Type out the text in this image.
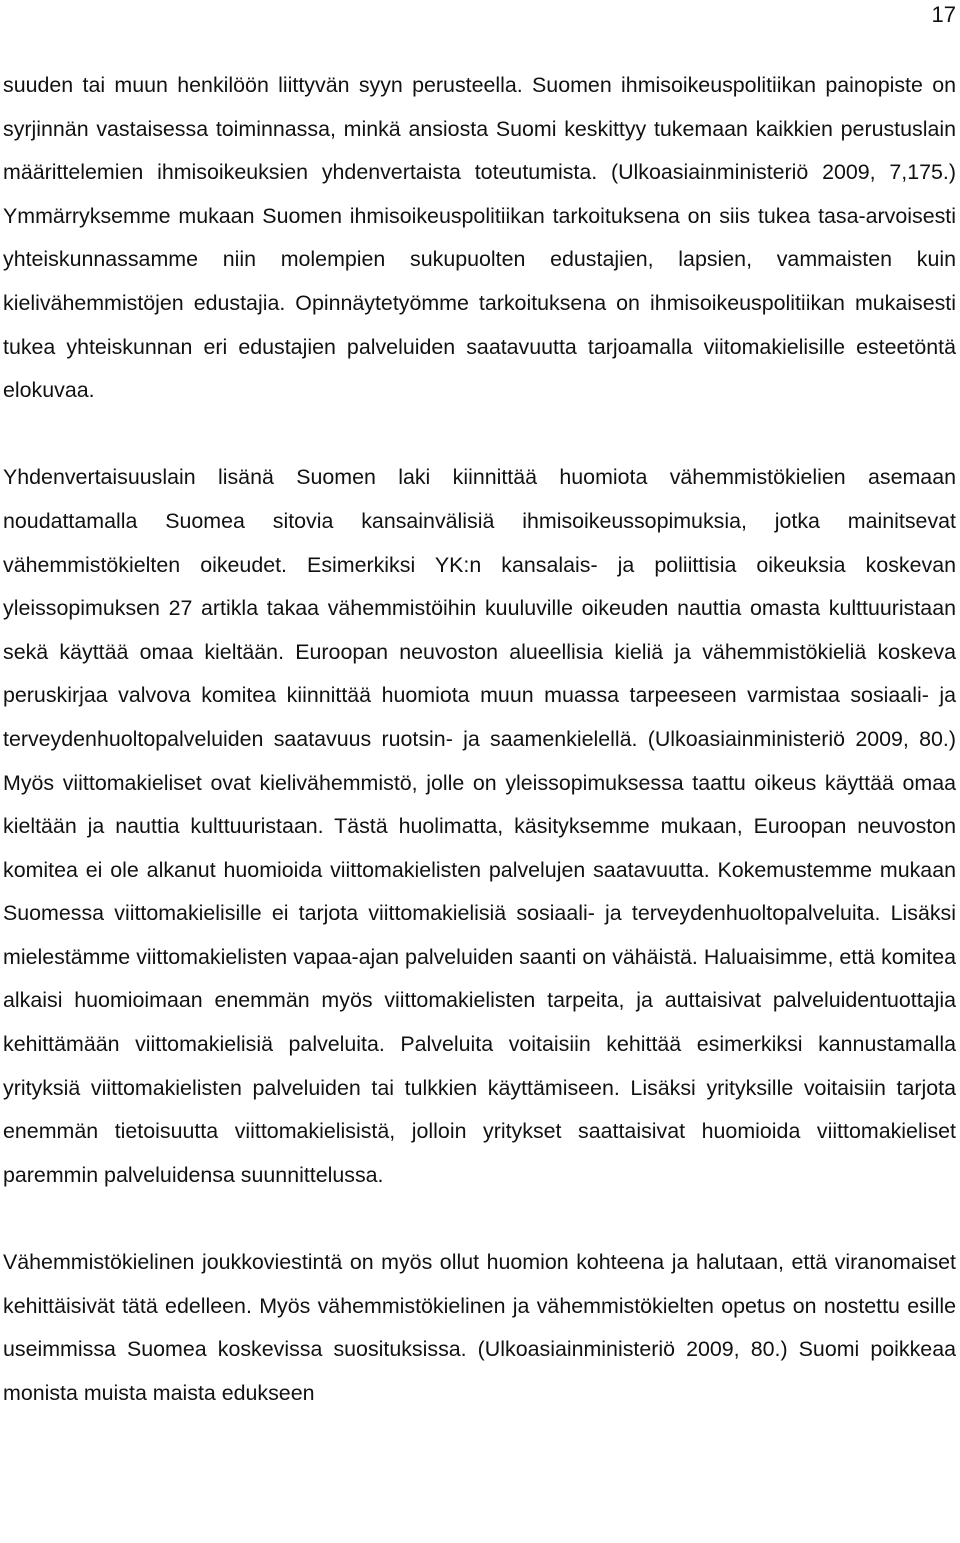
17

suuden tai muun henkilöön liittyvän syyn perusteella. Suomen ihmisoikeuspolitiikan painopiste on syrjinnän vastaisessa toiminnassa, minkä ansiosta Suomi keskittyy tukemaan kaikkien perustuslain määrittelemien ihmisoikeuksien yhdenvertaista toteutumista. (Ulkoasiainministeriö 2009, 7,175.) Ymmärryksemme mukaan Suomen ihmisoikeuspolitiikan tarkoituksena on siis tukea tasa-arvoisesti yhteiskunnassamme niin molempien sukupuolten edustajien, lapsien, vammaisten kuin kielivähemmistöjen edustajia. Opinnäytetyömme tarkoituksena on ihmisoikeuspolitiikan mukaisesti tukea yhteiskunnan eri edustajien palveluiden saatavuutta tarjoamalla viitomakielisille esteetöntä elokuvaa.

Yhdenvertaisuuslain lisänä Suomen laki kiinnittää huomiota vähemmistökielien asemaan noudattamalla Suomea sitovia kansainvälisiä ihmisoikeussopimuksia, jotka mainitsevat vähemmistökielten oikeudet. Esimerkiksi YK:n kansalais- ja poliittisia oikeuksia koskevan yleissopimuksen 27 artikla takaa vähemmistöihin kuuluville oikeuden nauttia omasta kulttuuristaan sekä käyttää omaa kieltään. Euroopan neuvoston alueellisia kieliä ja vähemmistökieliä koskeva peruskirjaa valvova komitea kiinnittää huomiota muun muassa tarpeeseen varmistaa sosiaali- ja terveydenhuoltopalveluiden saatavuus ruotsin- ja saamenkielellä. (Ulkoasiainministeriö 2009, 80.) Myös viittomakieliset ovat kielivähemmistö, jolle on yleissopimuksessa taattu oikeus käyttää omaa kieltään ja nauttia kulttuuristaan. Tästä huolimatta, käsityksemme mukaan, Euroopan neuvoston komitea ei ole alkanut huomioida viittomakielisten palvelujen saatavuutta. Kokemustemme mukaan Suomessa viittomakielisille ei tarjota viittomakielisiä sosiaali- ja terveydenhuoltopalveluita. Lisäksi mielestämme viittomakielisten vapaa-ajan palveluiden saanti on vähäistä. Haluaisimme, että komitea alkaisi huomioimaan enemmän myös viittomakielisten tarpeita, ja auttaisivat palveluidentuottajia kehittämään viittomakielisiä palveluita. Palveluita voitaisiin kehittää esimerkiksi kannustamalla yrityksiä viittomakielisten palveluiden tai tulkkien käyttämiseen. Lisäksi yrityksille voitaisiin tarjota enemmän tietoisuutta viittomakielisistä, jolloin yritykset saattaisivat huomioida viittomakieliset paremmin palveluidensa suunnittelussa.

Vähemmistökielinen joukkoviestintä on myös ollut huomion kohteena ja halutaan, että viranomaiset kehittäisivät tätä edelleen. Myös vähemmistökielinen ja vähemmistökielten opetus on nostettu esille useimmissa Suomea koskevissa suosituksissa. (Ulkoasiainministeriö 2009, 80.) Suomi poikkeaa monista muista maista edukseen
